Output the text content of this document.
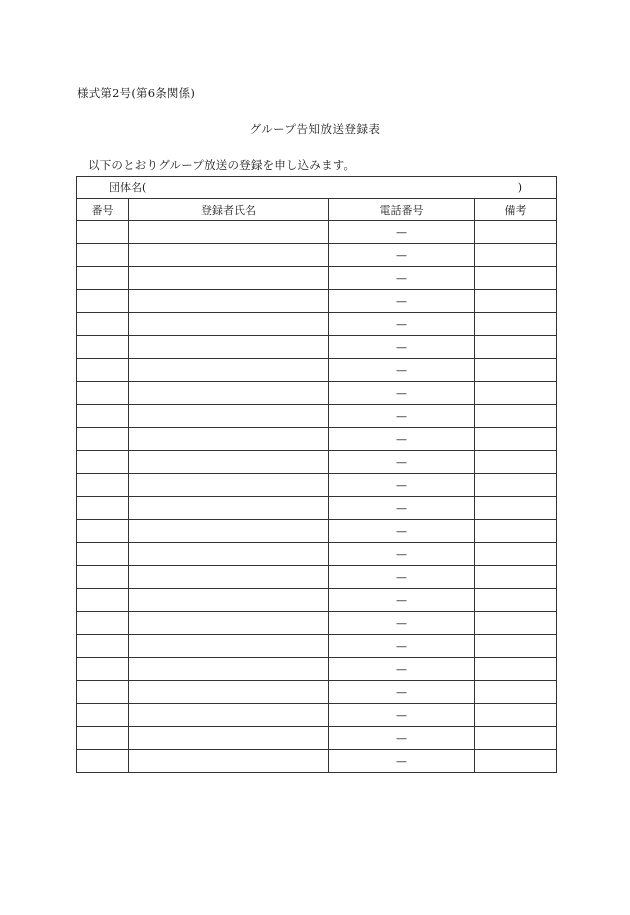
様式第2号(第6条関係)
グループ告知放送登録表
以下のとおりグループ放送の登録を申し込みます。
団体名( )			

番号	登録者氏名	電話番号	備考
		—	
		—	
		—	
		—	
		—	
		—	
		—	
		—	
		—	
		—	
		—	
		—	
		—	
		—	
		—	
		—	
		—	
		—	
		—	
		—	
		—	
		—	
		—	
		—	
